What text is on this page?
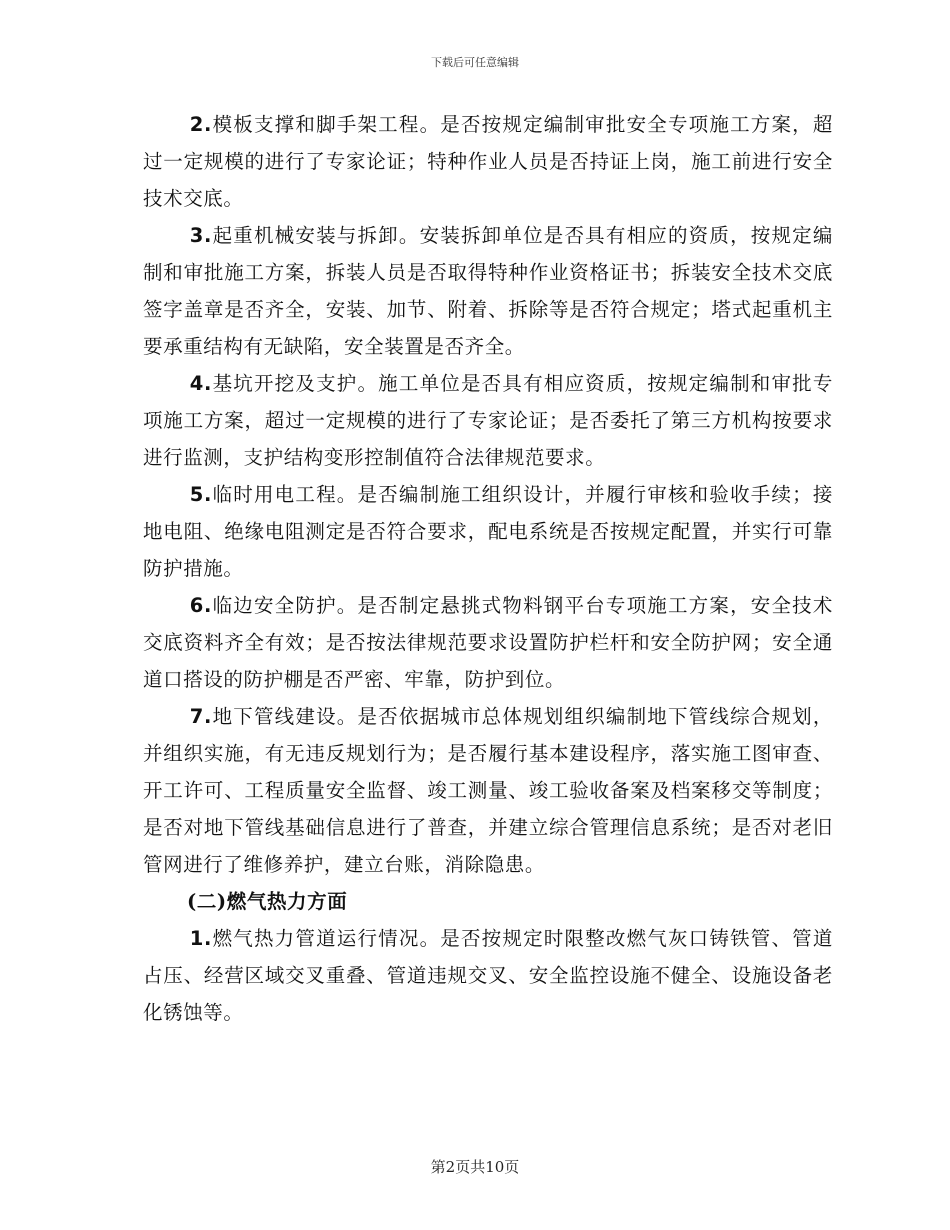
下载后可任意编辑

2.模板支撑和脚手架工程。是否按规定编制审批安全专项施工方案，超过一定规模的进行了专家论证；特种作业人员是否持证上岗，施工前进行安全技术交底。

3.起重机械安装与拆卸。安装拆卸单位是否具有相应的资质，按规定编制和审批施工方案，拆装人员是否取得特种作业资格证书；拆装安全技术交底签字盖章是否齐全，安装、加节、附着、拆除等是否符合规定；塔式起重机主要承重结构有无缺陷，安全装置是否齐全。

4.基坑开挖及支护。施工单位是否具有相应资质，按规定编制和审批专项施工方案，超过一定规模的进行了专家论证；是否委托了第三方机构按要求进行监测，支护结构变形控制值符合法律规范要求。

5.临时用电工程。是否编制施工组织设计，并履行审核和验收手续；接地电阻、绝缘电阻测定是否符合要求，配电系统是否按规定配置，并实行可靠防护措施。

6.临边安全防护。是否制定悬挑式物料钢平台专项施工方案，安全技术交底资料齐全有效；是否按法律规范要求设置防护栏杆和安全防护网；安全通道口搭设的防护棚是否严密、牢靠，防护到位。

7.地下管线建设。是否依据城市总体规划组织编制地下管线综合规划，并组织实施，有无违反规划行为；是否履行基本建设程序，落实施工图审查、开工许可、工程质量安全监督、竣工测量、竣工验收备案及档案移交等制度；是否对地下管线基础信息进行了普查，并建立综合管理信息系统；是否对老旧管网进行了维修养护，建立台账，消除隐患。

(二)燃气热力方面

1.燃气热力管道运行情况。是否按规定时限整改燃气灰口铸铁管、管道占压、经营区域交叉重叠、管道违规交叉、安全监控设施不健全、设施设备老化锈蚀等。

第2页共10页
